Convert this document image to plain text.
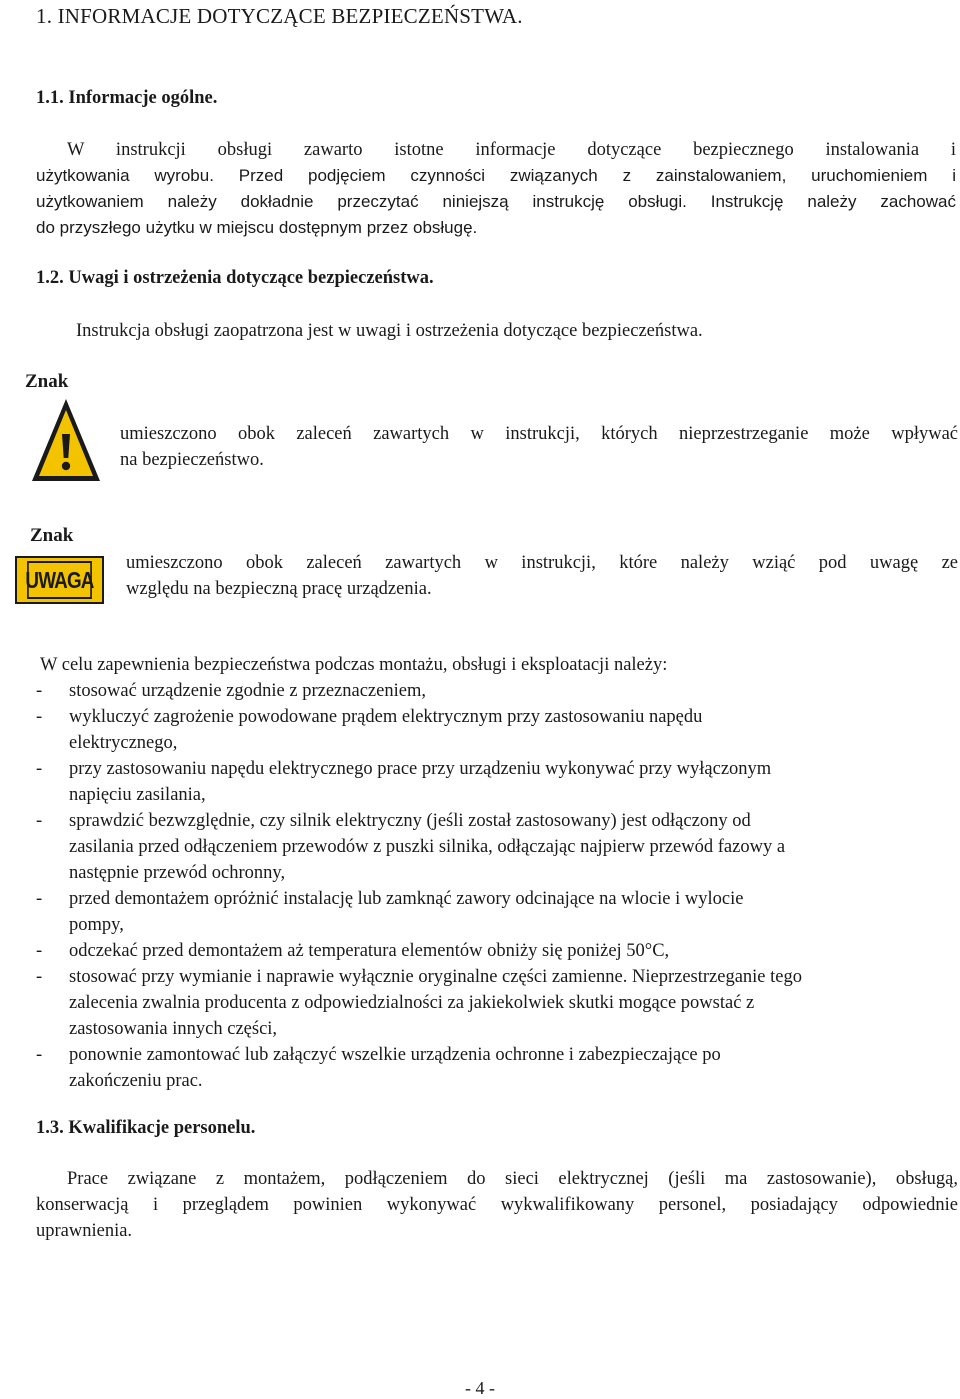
1. INFORMACJE DOTYCZĄCE BEZPIECZEŃSTWA.
1.1. Informacje ogólne.
W instrukcji obsługi zawarto istotne informacje dotyczące bezpiecznego instalowania i
użytkowania wyrobu. Przed podjęciem czynności związanych z zainstalowaniem, uruchomieniem i
użytkowaniem należy dokładnie przeczytać niniejszą instrukcję obsługi. Instrukcję należy zachować
do przyszłego użytku w miejscu dostępnym przez obsługę.
1.2. Uwagi i ostrzeżenia dotyczące bezpieczeństwa.
Instrukcja obsługi zaopatrzona jest w uwagi i ostrzeżenia dotyczące bezpieczeństwa.
Znak
umieszczono obok zaleceń zawartych w instrukcji, których nieprzestrzeganie może wpływać
na bezpieczeństwo.
Znak
UWAGA
umieszczono obok zaleceń zawartych w instrukcji, które należy wziąć pod uwagę ze
względu na bezpieczną pracę urządzenia.
W celu zapewnienia bezpieczeństwa podczas montażu, obsługi i eksploatacji należy:
- stosować urządzenie zgodnie z przeznaczeniem,
- wykluczyć zagrożenie powodowane prądem elektrycznym przy zastosowaniu napędu
elektrycznego,
- przy zastosowaniu napędu elektrycznego prace przy urządzeniu wykonywać przy wyłączonym
napięciu zasilania,
- sprawdzić bezwzględnie, czy silnik elektryczny (jeśli został zastosowany) jest odłączony od
zasilania przed odłączeniem przewodów z puszki silnika, odłączając najpierw przewód fazowy a
następnie przewód ochronny,
- przed demontażem opróżnić instalację lub zamknąć zawory odcinające na wlocie i wylocie
pompy,
- odczekać przed demontażem aż temperatura elementów obniży się poniżej 50°C,
- stosować przy wymianie i naprawie wyłącznie oryginalne części zamienne. Nieprzestrzeganie tego
zalecenia zwalnia producenta z odpowiedzialności za jakiekolwiek skutki mogące powstać z
zastosowania innych części,
- ponownie zamontować lub załączyć wszelkie urządzenia ochronne i zabezpieczające po
zakończeniu prac.
1.3. Kwalifikacje personelu.
Prace związane z montażem, podłączeniem do sieci elektrycznej (jeśli ma zastosowanie), obsługą,
konserwacją i przeglądem powinien wykonywać wykwalifikowany personel, posiadający odpowiednie
uprawnienia.
- 4 -
